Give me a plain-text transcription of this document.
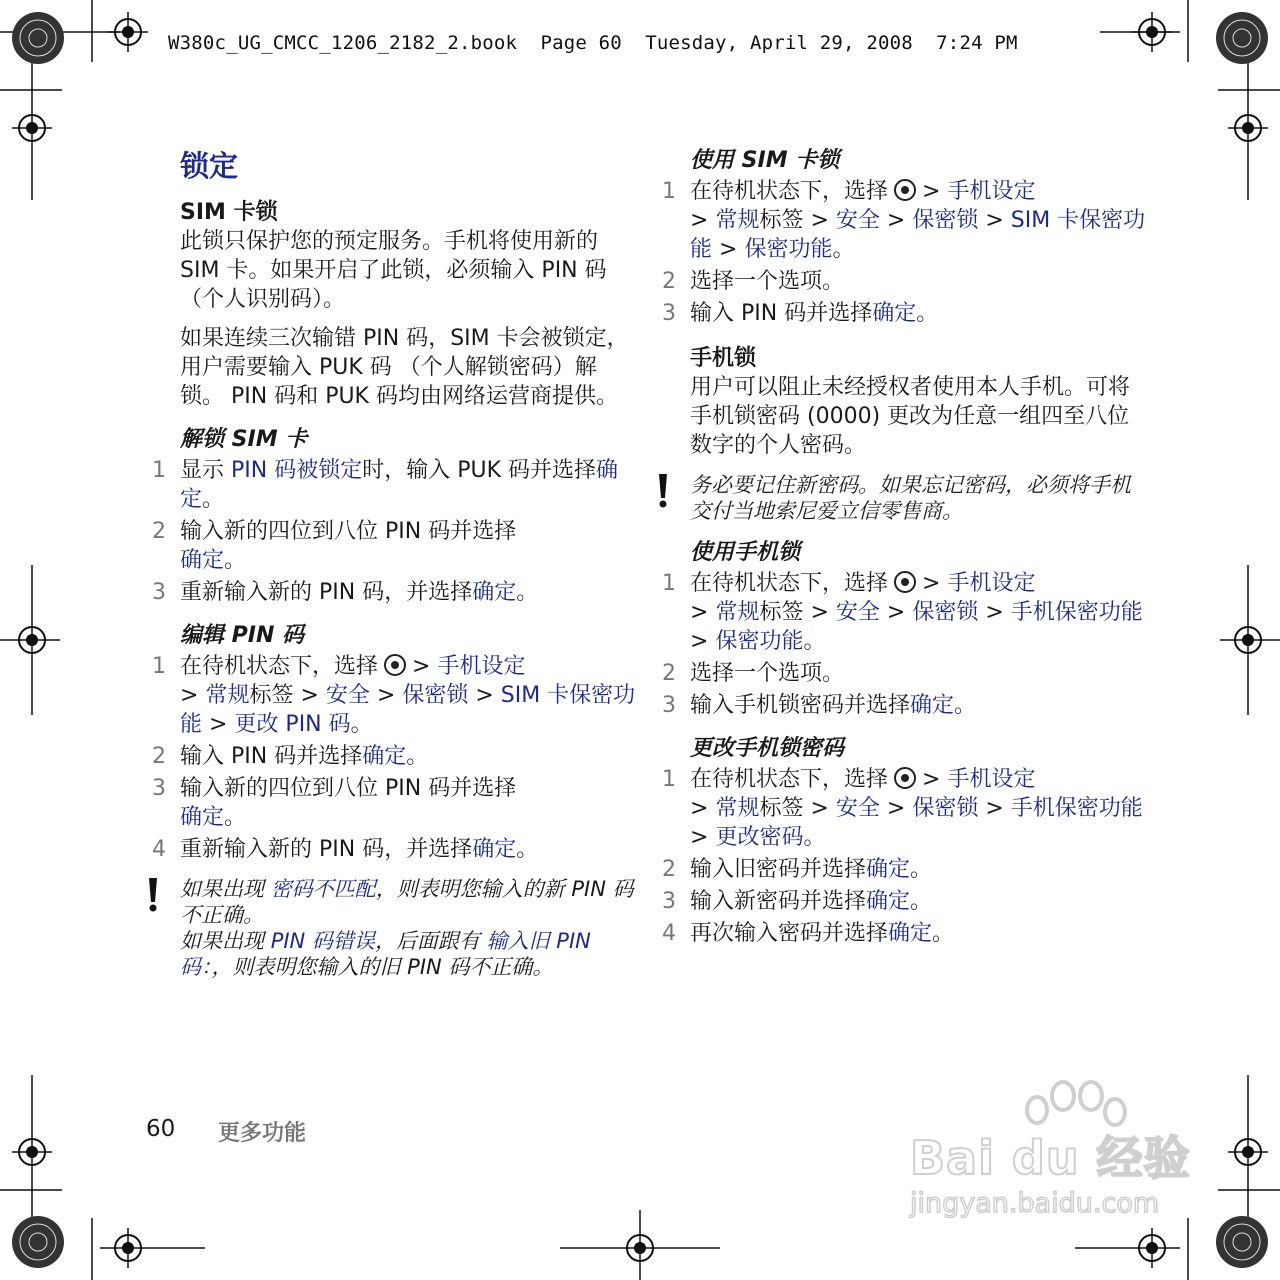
W380c_UG_CMCC_1206_2182_2.book  Page 60  Tuesday, April 29, 2008  7:24 PM
锁定
SIM 卡锁
此锁只保护您的预定服务。手机将使用新的 SIM 卡。如果开启了此锁，必须输入 PIN 码 （个人识别码）。
如果连续三次输错 PIN 码，SIM 卡会被锁定，用户需要输入 PUK 码 （个人解锁密码）解锁。 PIN 码和 PUK 码均由网络运营商提供。
解锁 SIM 卡
1 显示 PIN 码被锁定时，输入 PUK 码并选择确定。
2 输入新的四位到八位 PIN 码并选择
确定。
3 重新输入新的 PIN 码，并选择确定。
编辑 PIN 码
1 在待机状态下，选择 > 手机设定
> 常规标签 > 安全 > 保密锁 > SIM 卡保密功能 > 更改 PIN 码。
2 输入 PIN 码并选择确定。
3 输入新的四位到八位 PIN 码并选择
确定。
4 重新输入新的 PIN 码，并选择确定。
如果出现 密码不匹配，则表明您输入的新 PIN 码不正确。
如果出现 PIN 码错误，后面跟有 输入旧 PIN 码：，则表明您输入的旧 PIN 码不正确。
使用 SIM 卡锁
1 在待机状态下，选择 > 手机设定
> 常规标签 > 安全 > 保密锁 > SIM 卡保密功能 > 保密功能。
2 选择一个选项。
3 输入 PIN 码并选择确定。
手机锁
用户可以阻止未经授权者使用本人手机。可将手机锁密码 (0000) 更改为任意一组四至八位数字的个人密码。
务必要记住新密码。如果忘记密码，必须将手机交付当地索尼爱立信零售商。
使用手机锁
1 在待机状态下，选择 > 手机设定
> 常规标签 > 安全 > 保密锁 > 手机保密功能 > 保密功能。
2 选择一个选项。
3 输入手机锁密码并选择确定。
更改手机锁密码
1 在待机状态下，选择 > 手机设定
> 常规标签 > 安全 > 保密锁 > 手机保密功能 > 更改密码。
2 输入旧密码并选择确定。
3 输入新密码并选择确定。
4 再次输入密码并选择确定。
60 更多功能	Bai du 经验
jingyan.baidu.com
